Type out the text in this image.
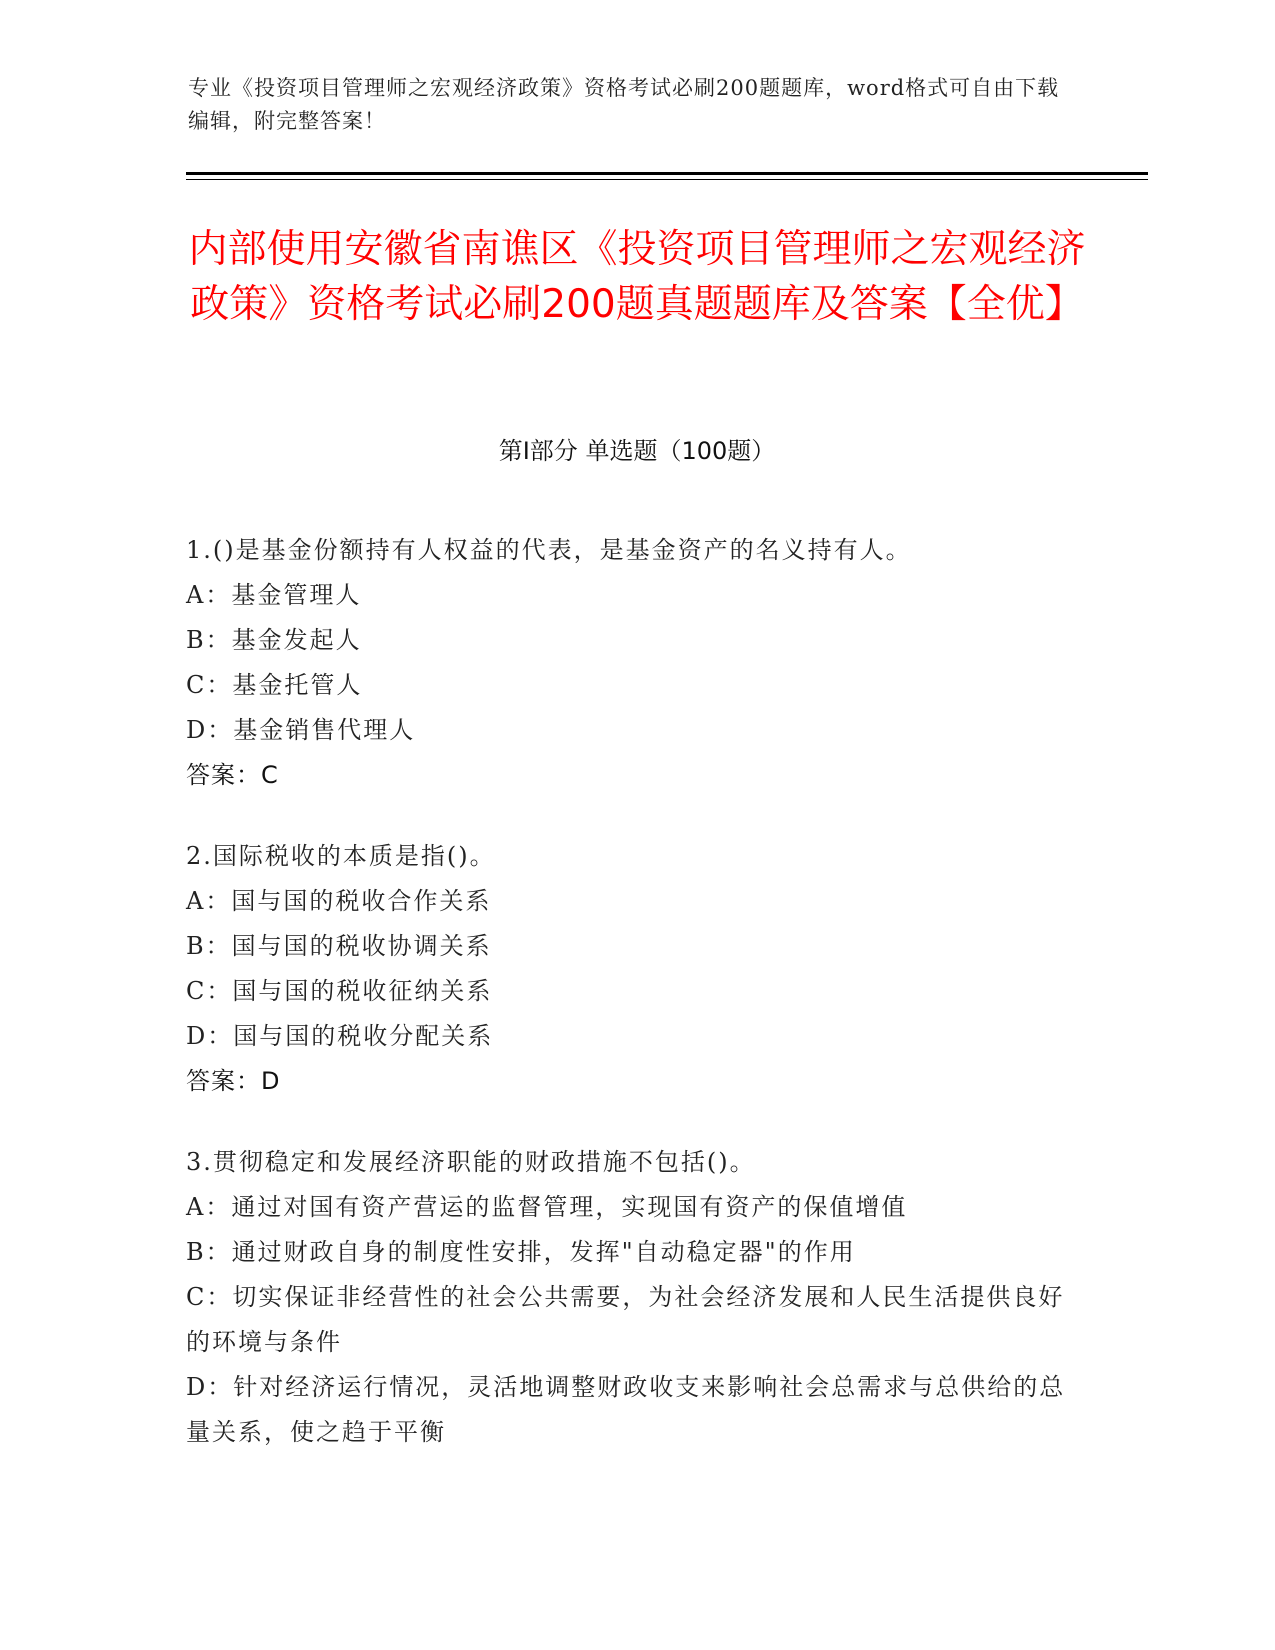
专业《投资项目管理师之宏观经济政策》资格考试必刷200题题库，word格式可自由下载编辑，附完整答案！
内部使用安徽省南谯区《投资项目管理师之宏观经济政策》资格考试必刷200题真题题库及答案【全优】
第Ⅰ部分 单选题（100题）

1.()是基金份额持有人权益的代表，是基金资产的名义持有人。

A：基金管理人

B：基金发起人

C：基金托管人

D：基金销售代理人

答案：C

2.国际税收的本质是指()。

A：国与国的税收合作关系

B：国与国的税收协调关系

C：国与国的税收征纳关系

D：国与国的税收分配关系

答案：D

3.贯彻稳定和发展经济职能的财政措施不包括()。

A：通过对国有资产营运的监督管理，实现国有资产的保值增值

B：通过财政自身的制度性安排，发挥"自动稳定器"的作用

C：切实保证非经营性的社会公共需要，为社会经济发展和人民生活提供良好的环境与条件

D：针对经济运行情况，灵活地调整财政收支来影响社会总需求与总供给的总量关系，使之趋于平衡
